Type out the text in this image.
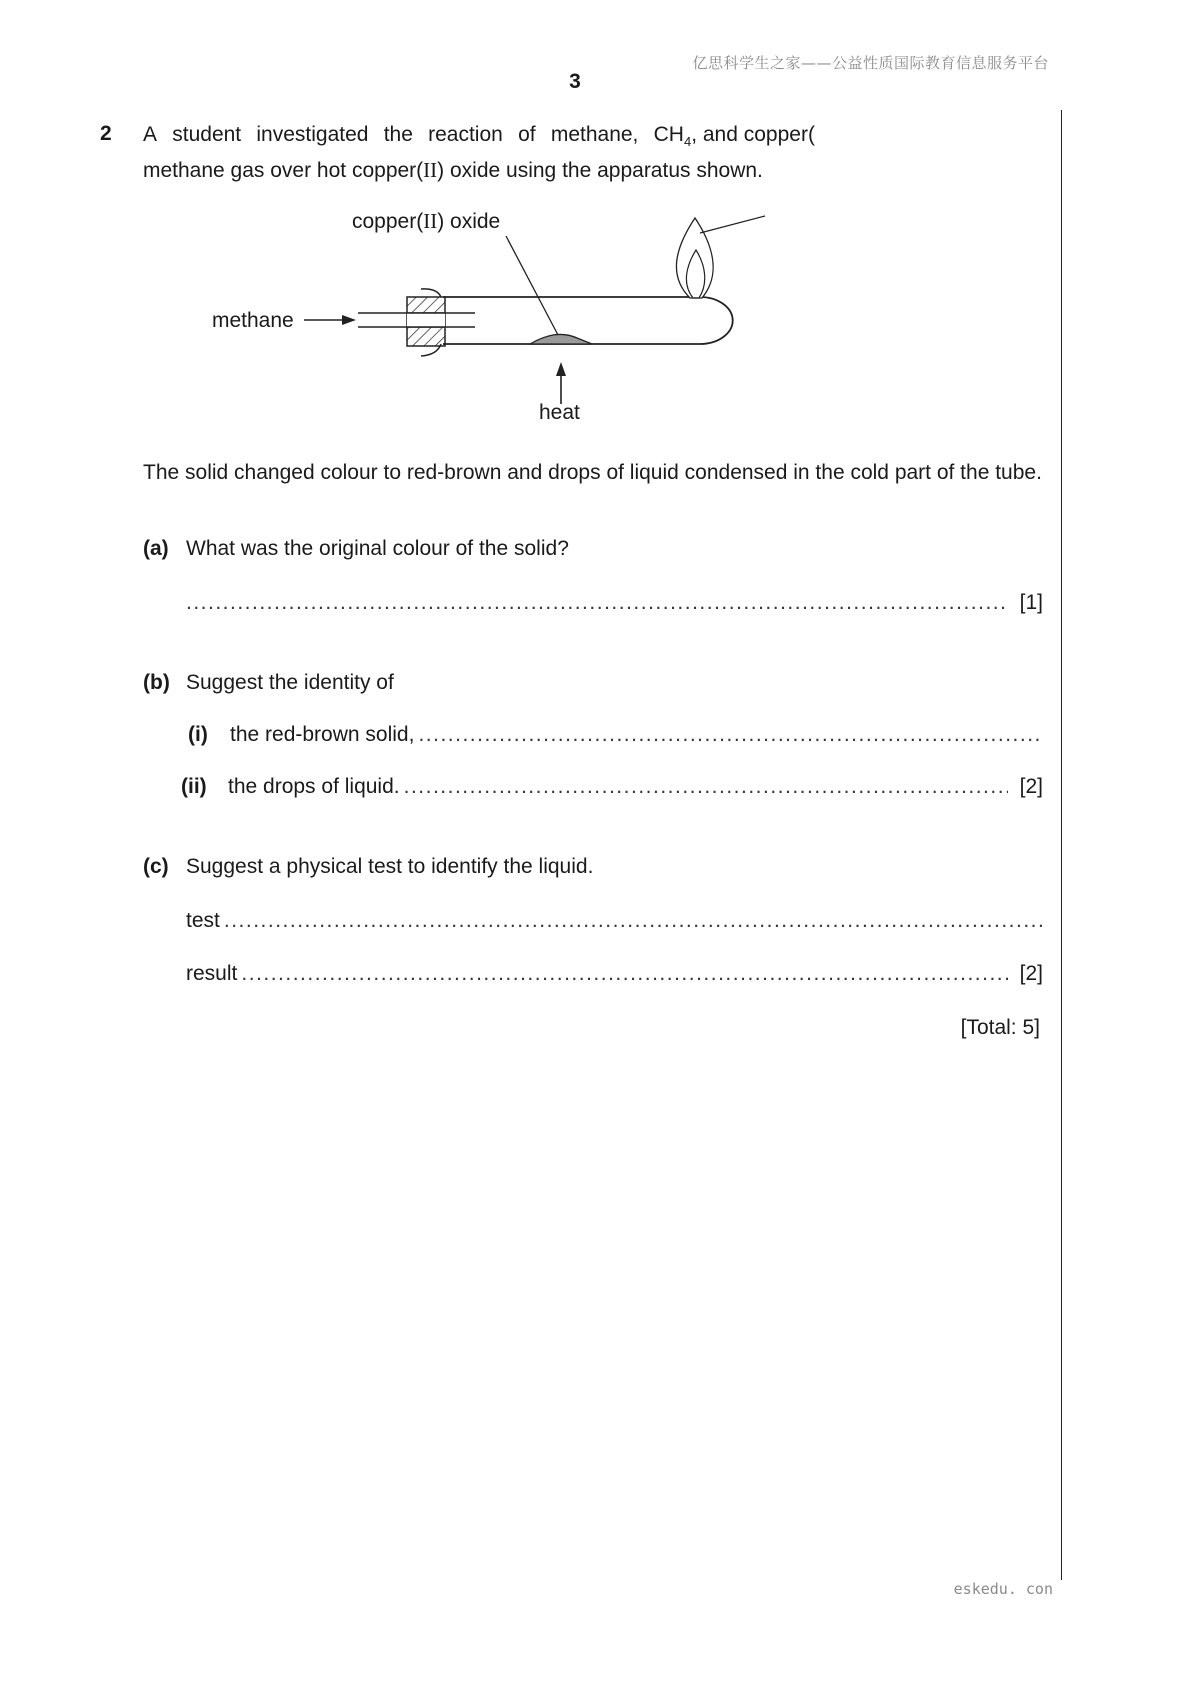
亿思科学生之家——公益性质国际教育信息服务平台
3
2 A student investigated the reaction of methane, $CH_4$, and copper(
methane gas over hot copper(II) oxide using the apparatus shown.
copper(II) oxide
methane
heat
The solid changed colour to red-brown and drops of liquid condensed in the cold part of the tube.
(a) What was the original colour of the solid?
.....
[1]
(b) Suggest the identity of
(i)	the red-brown solid,
.....
(ii)	the drops of liquid. .....	[2]
(c) Suggest a physical test to identify the liquid.
test
.....
result .....	[2]
[Total: 5]
eskedu. con
